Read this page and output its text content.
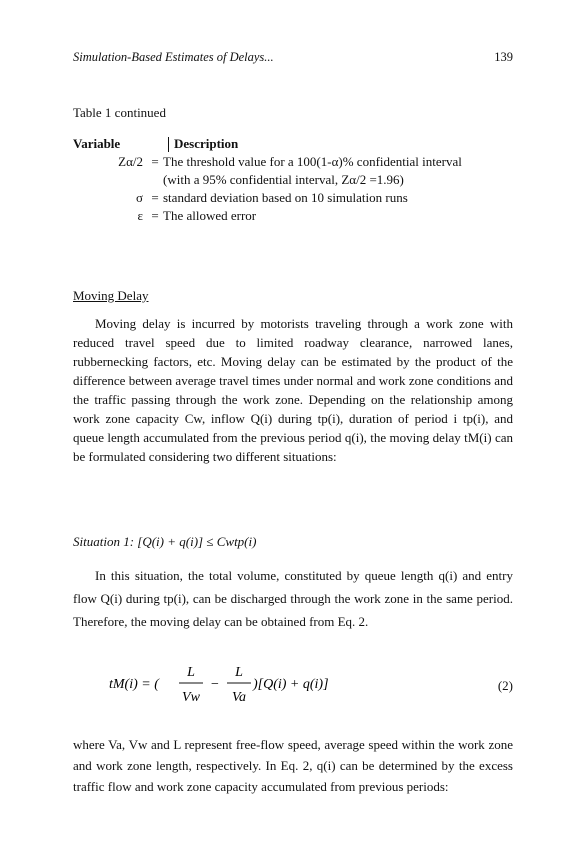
Simulation-Based Estimates of Delays...	139
Table 1 continued
Variable	Description
Zα/2 = The threshold value for a 100(1-α)% confidential interval
(with a 95% confidential interval, Zα/2 =1.96)
σ = standard deviation based on 10 simulation runs
ε = The allowed error
Moving Delay

Moving delay is incurred by motorists traveling through a work zone with reduced travel speed due to limited roadway clearance, narrowed lanes, rubbernecking factors, etc. Moving delay can be estimated by the product of the difference between average travel times under normal and work zone conditions and the traffic passing through the work zone. Depending on the relationship among work zone capacity Cw, inflow Q(i) during tp(i), duration of period i tp(i), and queue length accumulated from the previous period q(i), the moving delay tM(i) can be formulated considering two different situations:

Situation 1: [Q(i) + q(i)] ≤ Cwtp(i)

In this situation, the total volume, constituted by queue length q(i) and entry flow Q(i) during tp(i), can be discharged through the work zone in the same period. Therefore, the moving delay can be obtained from Eq. 2.

tM(i) = (
L
Vw
−
L
Va
)[Q(i) + q(i)]	(2)

where Va, Vw and L represent free-flow speed, average speed within the work zone and work zone length, respectively. In Eq. 2, q(i) can be determined by the excess traffic flow and work zone capacity accumulated from previous periods:
